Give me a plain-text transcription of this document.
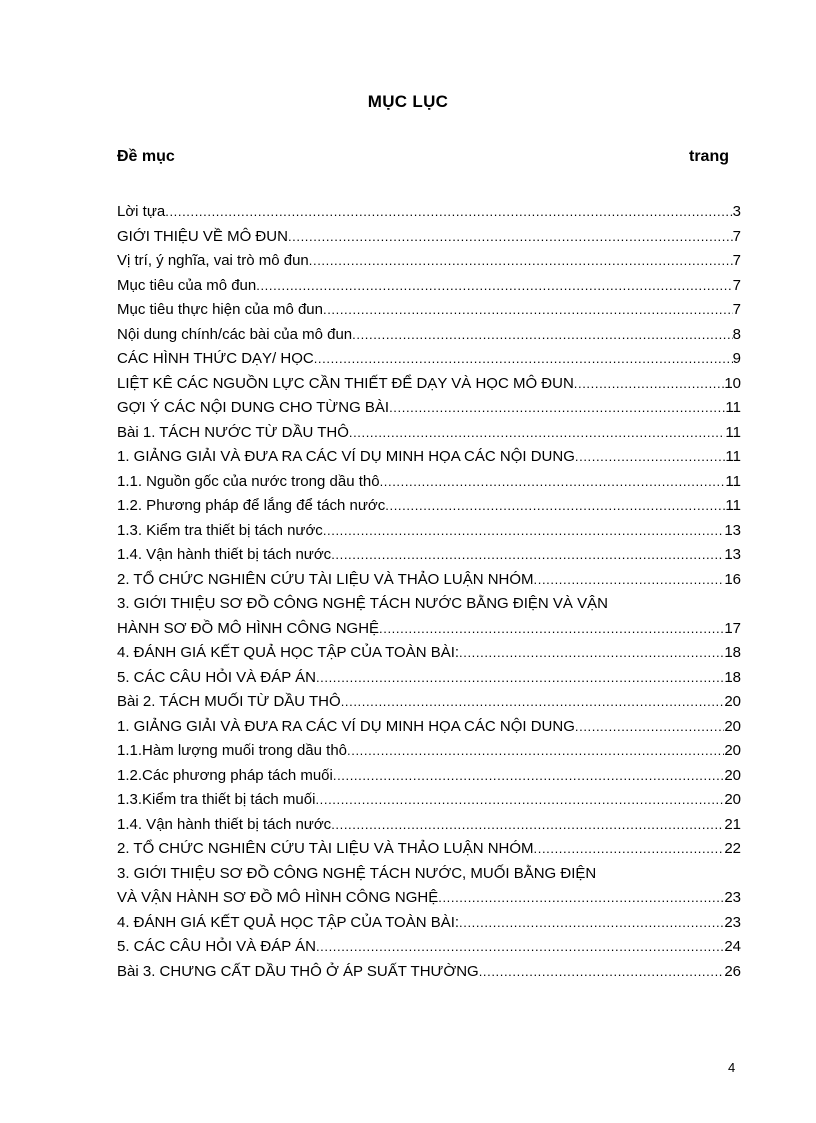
MỤC LỤC
Đề mục	trang
Lời tựa .....	3
GIỚI THIỆU VỀ MÔ ĐUN .....	7
Vị trí, ý nghĩa, vai trò mô đun .....	7
Mục tiêu của mô đun .....	7
Mục tiêu thực hiện của mô đun .....	7
Nội dung chính/các bài của mô đun .....	8
CÁC HÌNH THỨC DẠY/ HỌC .....	9
LIỆT KÊ CÁC NGUỒN LỰC CẦN THIẾT ĐỂ DẠY VÀ HỌC MÔ ĐUN .....	10
GỢI Ý CÁC NỘI DUNG CHO TỪNG BÀI .....	11
Bài 1. TÁCH NƯỚC TỪ DẦU THÔ .....	11
1. GIẢNG GIẢI VÀ ĐƯA RA CÁC VÍ DỤ MINH HỌA CÁC NỘI DUNG .....	11
1.1. Nguồn gốc của nước trong dầu thô .....	11
1.2. Phương pháp để lắng để tách nước .....	11
1.3. Kiểm tra thiết bị tách nước .....	13
1.4. Vận hành thiết bị tách nước .....	13
2. TỔ CHỨC NGHIÊN CỨU TÀI LIỆU VÀ THẢO LUẬN NHÓM .....	16
3. GIỚI THIỆU SƠ ĐỒ CÔNG NGHỆ TÁCH NƯỚC BẰNG ĐIỆN VÀ VẬN
HÀNH SƠ ĐỒ MÔ HÌNH CÔNG NGHỆ .....	17
4. ĐÁNH GIÁ KẾT QUẢ HỌC TẬP CỦA TOÀN BÀI: .....	18
5. CÁC CÂU HỎI VÀ ĐÁP ÁN .....	18
Bài 2. TÁCH MUỐI TỪ DẦU THÔ .....	20
1. GIẢNG GIẢI VÀ ĐƯA RA CÁC VÍ DỤ MINH HỌA CÁC NỘI DUNG .....	20
1.1.Hàm lượng muối trong dầu thô .....	20
1.2.Các phương pháp tách muối .....	20
1.3.Kiểm tra thiết bị tách muối .....	20
1.4. Vận hành thiết bị tách nước .....	21
2. TỔ CHỨC NGHIÊN CỨU TÀI LIỆU VÀ THẢO LUẬN NHÓM .....	22
3. GIỚI THIỆU SƠ ĐỒ CÔNG NGHỆ TÁCH NƯỚC, MUỐI BẰNG ĐIỆN
VÀ VẬN HÀNH SƠ ĐỒ MÔ HÌNH CÔNG NGHỆ .....	23
4. ĐÁNH GIÁ KẾT QUẢ HỌC TẬP CỦA TOÀN BÀI: .....	23
5. CÁC CÂU HỎI VÀ ĐÁP ÁN .....	24
Bài 3. CHƯNG CẤT DẦU THÔ Ở ÁP SUẤT THƯỜNG .....	26
4
